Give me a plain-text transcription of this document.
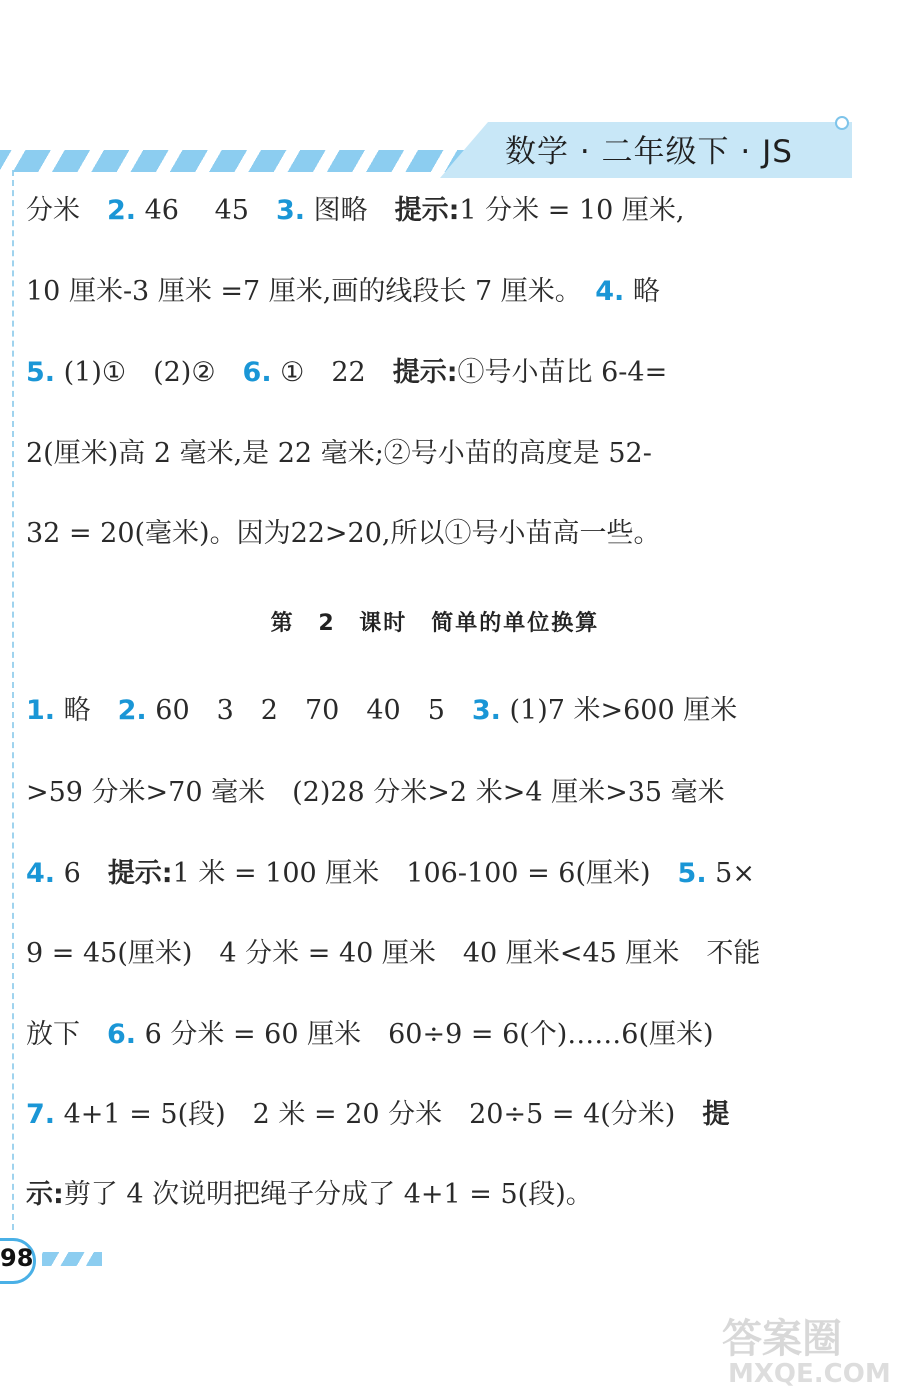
数学 · 二年级下 · JS
分米　2. 46　 45　3. 图略　提示:1 分米 = 10 厘米,
10 厘米-3 厘米 =7 厘米,画的线段长 7 厘米。　4. 略
5. (1)①　(2)②　6. ①　22　提示:①号小苗比 6-4=
2(厘米)高 2 毫米,是 22 毫米;②号小苗的高度是 52-
32 = 20(毫米)。因为22>20,所以①号小苗高一些。
1. 略　2. 60　3　2　70　40　5　3. (1)7 米>600 厘米
>59 分米>70 毫米　(2)28 分米>2 米>4 厘米>35 毫米
4. 6　提示:1 米 = 100 厘米　106-100 = 6(厘米)　5. 5×
9 = 45(厘米)　4 分米 = 40 厘米　40 厘米<45 厘米　不能
放下　6. 6 分米 = 60 厘米　60÷9 = 6(个)……6(厘米)
7. 4+1 = 5(段)　2 米 = 20 分米　20÷5 = 4(分米)　提
示:剪了 4 次说明把绳子分成了 4+1 = 5(段)。
第 2 课时　简单的单位换算
98
答案圈
MXQE.COM
